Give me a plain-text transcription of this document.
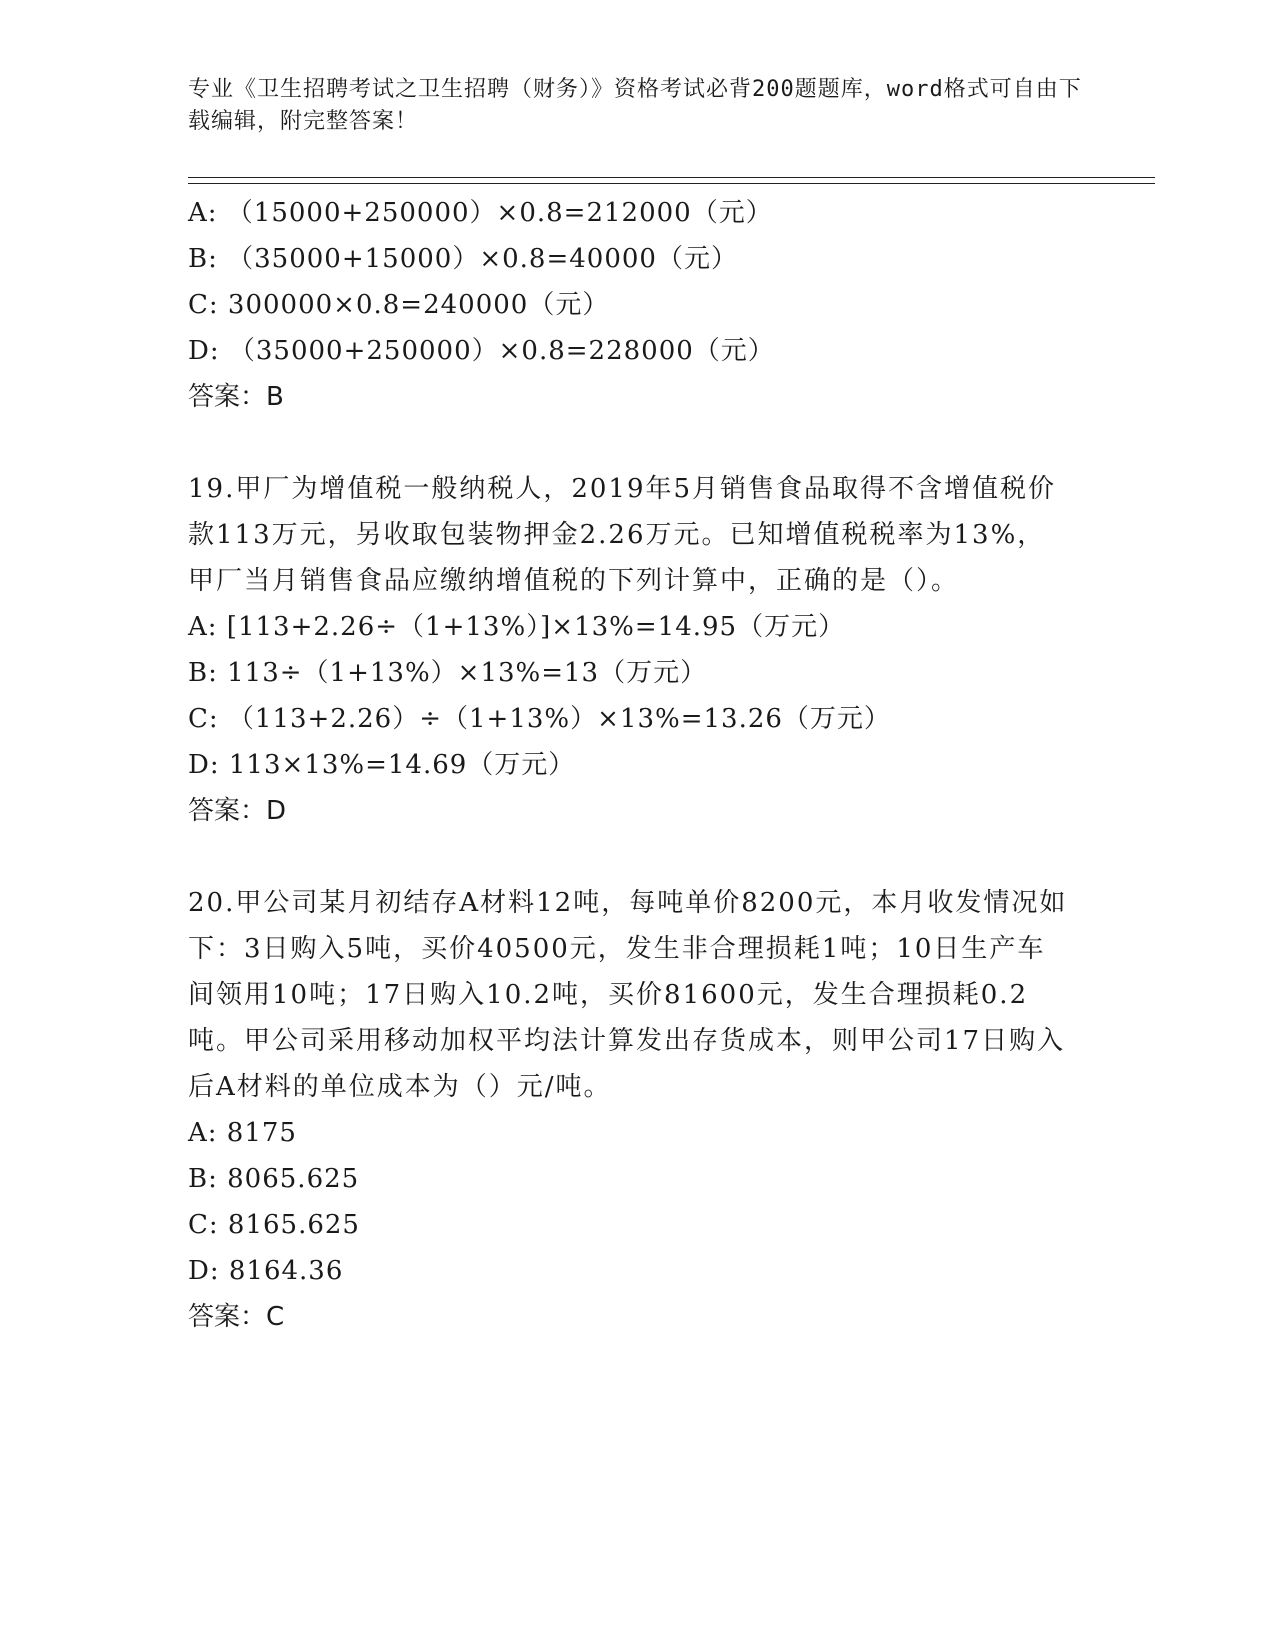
专业《卫生招聘考试之卫生招聘（财务）》资格考试必背200题题库，word格式可自由下载编辑，附完整答案！
A: （15000+250000）×0.8=212000（元）
B: （35000+15000）×0.8=40000（元）
C: 300000×0.8=240000（元）
D: （35000+250000）×0.8=228000（元）
答案：B
19.甲厂为增值税一般纳税人，2019年5月销售食品取得不含增值税价款113万元，另收取包装物押金2.26万元。已知增值税税率为13%，甲厂当月销售食品应缴纳增值税的下列计算中，正确的是（）。
A: [113+2.26÷（1+13%）]×13%=14.95（万元）
B: 113÷（1+13%）×13%=13（万元）
C: （113+2.26）÷（1+13%）×13%=13.26（万元）
D: 113×13%=14.69（万元）
答案：D
20.甲公司某月初结存A材料12吨，每吨单价8200元，本月收发情况如下：3日购入5吨，买价40500元，发生非合理损耗1吨；10日生产车间领用10吨；17日购入10.2吨，买价81600元，发生合理损耗0.2吨。甲公司采用移动加权平均法计算发出存货成本，则甲公司17日购入后A材料的单位成本为（）元/吨。
A: 8175
B: 8065.625
C: 8165.625
D: 8164.36
答案：C
